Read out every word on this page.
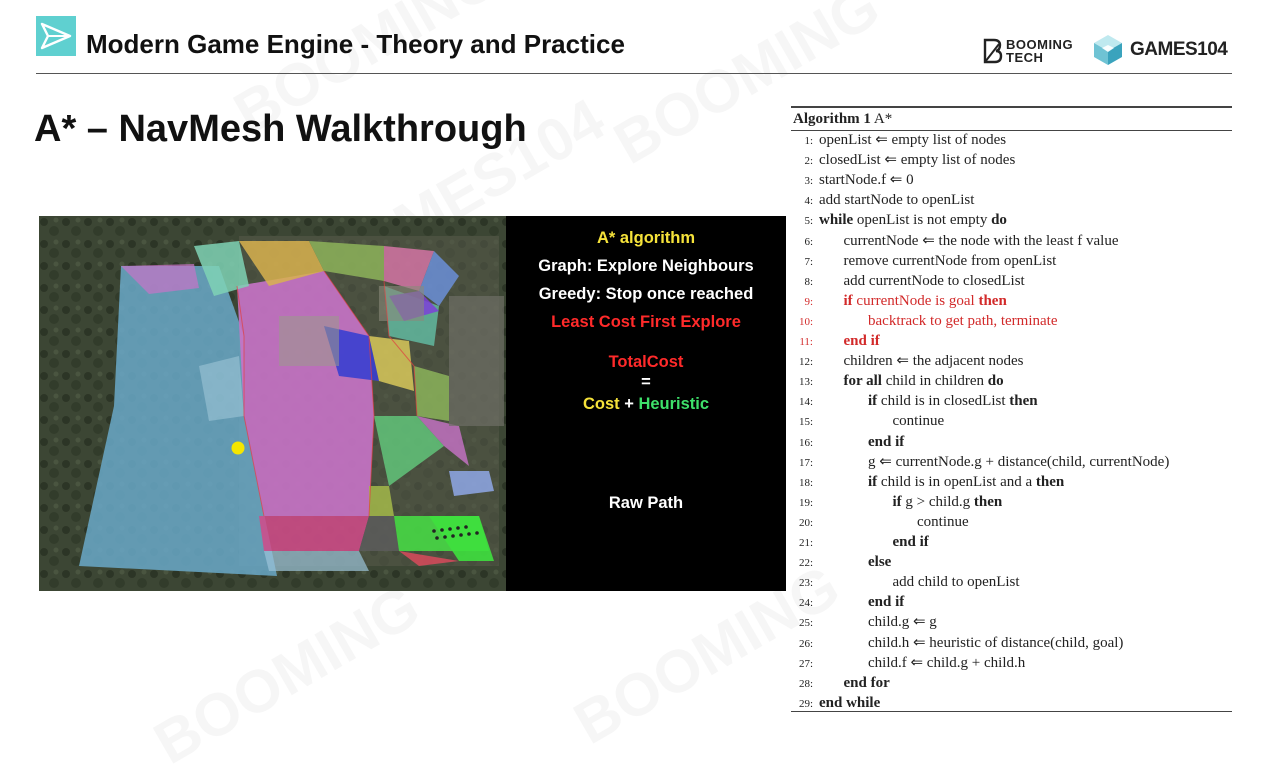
Modern Game Engine - Theory and Practice	BOOMING
TECH	GAMES104
A* – NavMesh Walkthrough
A* algorithm
Graph: Explore Neighbours
Greedy: Stop once reached
Least Cost First Explore
TotalCost
=
Cost + Heuristic
Raw Path
Algorithm 1 A*
1: openList ⇐ empty list of nodes
2: closedList ⇐ empty list of nodes
3: startNode.f ⇐ 0
4: add startNode to openList
5: while openList is not empty do
6: currentNode ⇐ the node with the least f value
7: remove currentNode from openList
8: add currentNode to closedList
9: if currentNode is goal then
10:	backtrack to get path, terminate
11: end if
12: children ⇐ the adjacent nodes
13: for all child in children do
14:	if child is in closedList then
15:	continue
16:	end if
17:	g ⇐ currentNode.g + distance(child, currentNode)
18:	if child is in openList and a then
19:	if g > child.g then
20:	continue
21:	end if
22:	else
23:	add child to openList
24:	end if
25:	child.g ⇐ g
26:	child.h ⇐ heuristic of distance(child, goal)
27:	child.f ⇐ child.g + child.h
28: end for
29: end while
